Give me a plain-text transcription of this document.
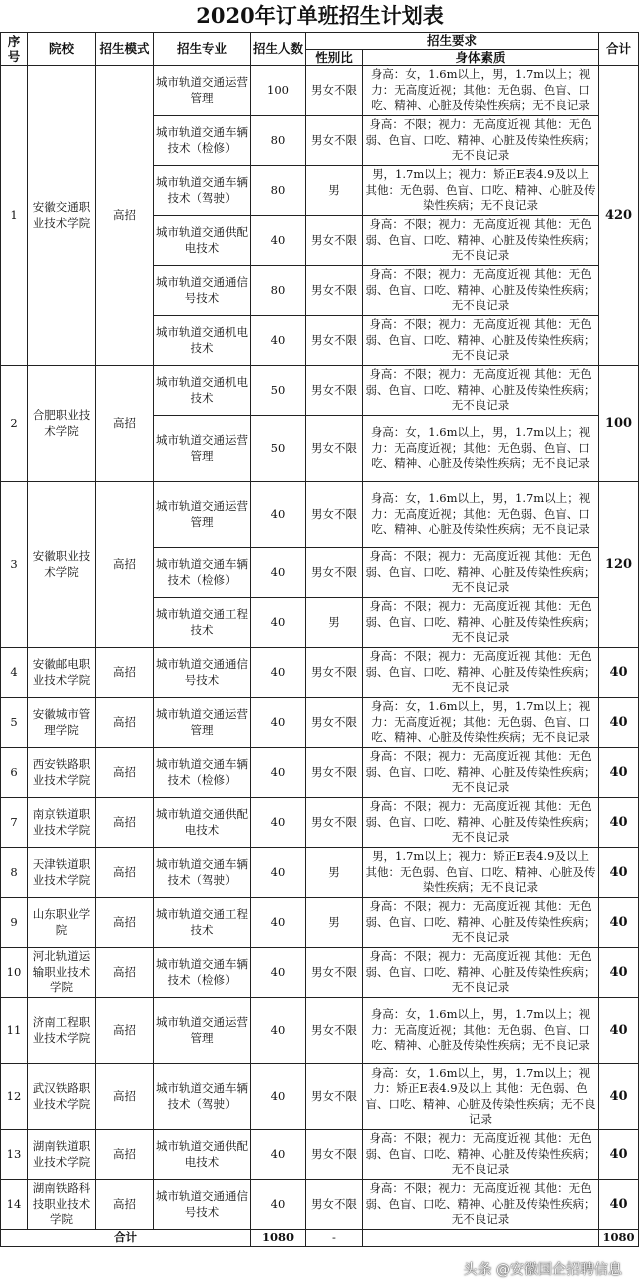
2020年订单班招生计划表
序号	院校	招生模式	招生专业	招生人数	招生要求		合计
					性别比	身体素质	
1	安徽交通职业技术学院	高招	城市轨道交通运营管理	100	男女不限	身高：女，1.6m以上，男，1.7m以上；视力：无高度近视；其他：无色弱、色盲、口吃、精神、心脏及传染性疾病；无不良记录	420
			城市轨道交通车辆技术（检修）	80	男女不限	身高：不限；视力：无高度近视 其他：无色弱、色盲、口吃、精神、心脏及传染性疾病；无不良记录	
			城市轨道交通车辆技术（驾驶）	80	男	男，1.7m以上；视力：矫正E表4.9及以上 其他：无色弱、色盲、口吃、精神、心脏及传染性疾病；无不良记录	
			城市轨道交通供配电技术	40	男女不限	身高：不限；视力：无高度近视 其他：无色弱、色盲、口吃、精神、心脏及传染性疾病；无不良记录	
			城市轨道交通通信号技术	80	男女不限	身高：不限；视力：无高度近视 其他：无色弱、色盲、口吃、精神、心脏及传染性疾病；无不良记录	
			城市轨道交通机电技术	40	男女不限	身高：不限；视力：无高度近视 其他：无色弱、色盲、口吃、精神、心脏及传染性疾病；无不良记录	
2	合肥职业技术学院	高招	城市轨道交通机电技术	50	男女不限	身高：不限；视力：无高度近视 其他：无色弱、色盲、口吃、精神、心脏及传染性疾病；无不良记录	100
			城市轨道交通运营管理	50	男女不限	身高：女，1.6m以上，男，1.7m以上；视力：无高度近视；其他：无色弱、色盲、口吃、精神、心脏及传染性疾病；无不良记录	
3	安徽职业技术学院	高招	城市轨道交通运营管理	40	男女不限	身高：女，1.6m以上，男，1.7m以上；视力：无高度近视；其他：无色弱、色盲、口吃、精神、心脏及传染性疾病；无不良记录	120
			城市轨道交通车辆技术（检修）	40	男女不限	身高：不限；视力：无高度近视 其他：无色弱、色盲、口吃、精神、心脏及传染性疾病；无不良记录	
			城市轨道交通工程技术	40	男	身高：不限；视力：无高度近视 其他：无色弱、色盲、口吃、精神、心脏及传染性疾病；无不良记录	
4	安徽邮电职业技术学院	高招	城市轨道交通通信号技术	40	男女不限	身高：不限；视力：无高度近视 其他：无色弱、色盲、口吃、精神、心脏及传染性疾病；无不良记录	40
5	安徽城市管理学院	高招	城市轨道交通运营管理	40	男女不限	身高：女，1.6m以上，男，1.7m以上；视力：无高度近视；其他：无色弱、色盲、口吃、精神、心脏及传染性疾病；无不良记录	40
6	西安铁路职业技术学院	高招	城市轨道交通车辆技术（检修）	40	男女不限	身高：不限；视力：无高度近视 其他：无色弱、色盲、口吃、精神、心脏及传染性疾病；无不良记录	40
7	南京铁道职业技术学院	高招	城市轨道交通供配电技术	40	男女不限	身高：不限；视力：无高度近视 其他：无色弱、色盲、口吃、精神、心脏及传染性疾病；无不良记录	40
8	天津铁道职业技术学院	高招	城市轨道交通车辆技术（驾驶）	40	男	男，1.7m以上；视力：矫正E表4.9及以上 其他：无色弱、色盲、口吃、精神、心脏及传染性疾病；无不良记录	40
9	山东职业学院	高招	城市轨道交通工程技术	40	男	身高：不限；视力：无高度近视 其他：无色弱、色盲、口吃、精神、心脏及传染性疾病；无不良记录	40
10	河北轨道运输职业技术学院	高招	城市轨道交通车辆技术（检修）	40	男女不限	身高：不限；视力：无高度近视 其他：无色弱、色盲、口吃、精神、心脏及传染性疾病；无不良记录	40
11	济南工程职业技术学院	高招	城市轨道交通运营管理	40	男女不限	身高：女，1.6m以上，男，1.7m以上；视力：无高度近视；其他：无色弱、色盲、口吃、精神、心脏及传染性疾病；无不良记录	40
12	武汉铁路职业技术学院	高招	城市轨道交通车辆技术（驾驶）	40	男女不限	身高：女，1.6m以上，男，1.7m以上；视力：矫正E表4.9及以上 其他：无色弱、色盲、口吃、精神、心脏及传染性疾病；无不良记录	40
13	湖南铁道职业技术学院	高招	城市轨道交通供配电技术	40	男女不限	身高：不限；视力：无高度近视 其他：无色弱、色盲、口吃、精神、心脏及传染性疾病；无不良记录	40
14	湖南铁路科技职业技术学院	高招	城市轨道交通通信号技术	40	男女不限	身高：不限；视力：无高度近视 其他：无色弱、色盲、口吃、精神、心脏及传染性疾病；无不良记录	40
合计				1080	-		1080
头条 @安徽国企招聘信息
